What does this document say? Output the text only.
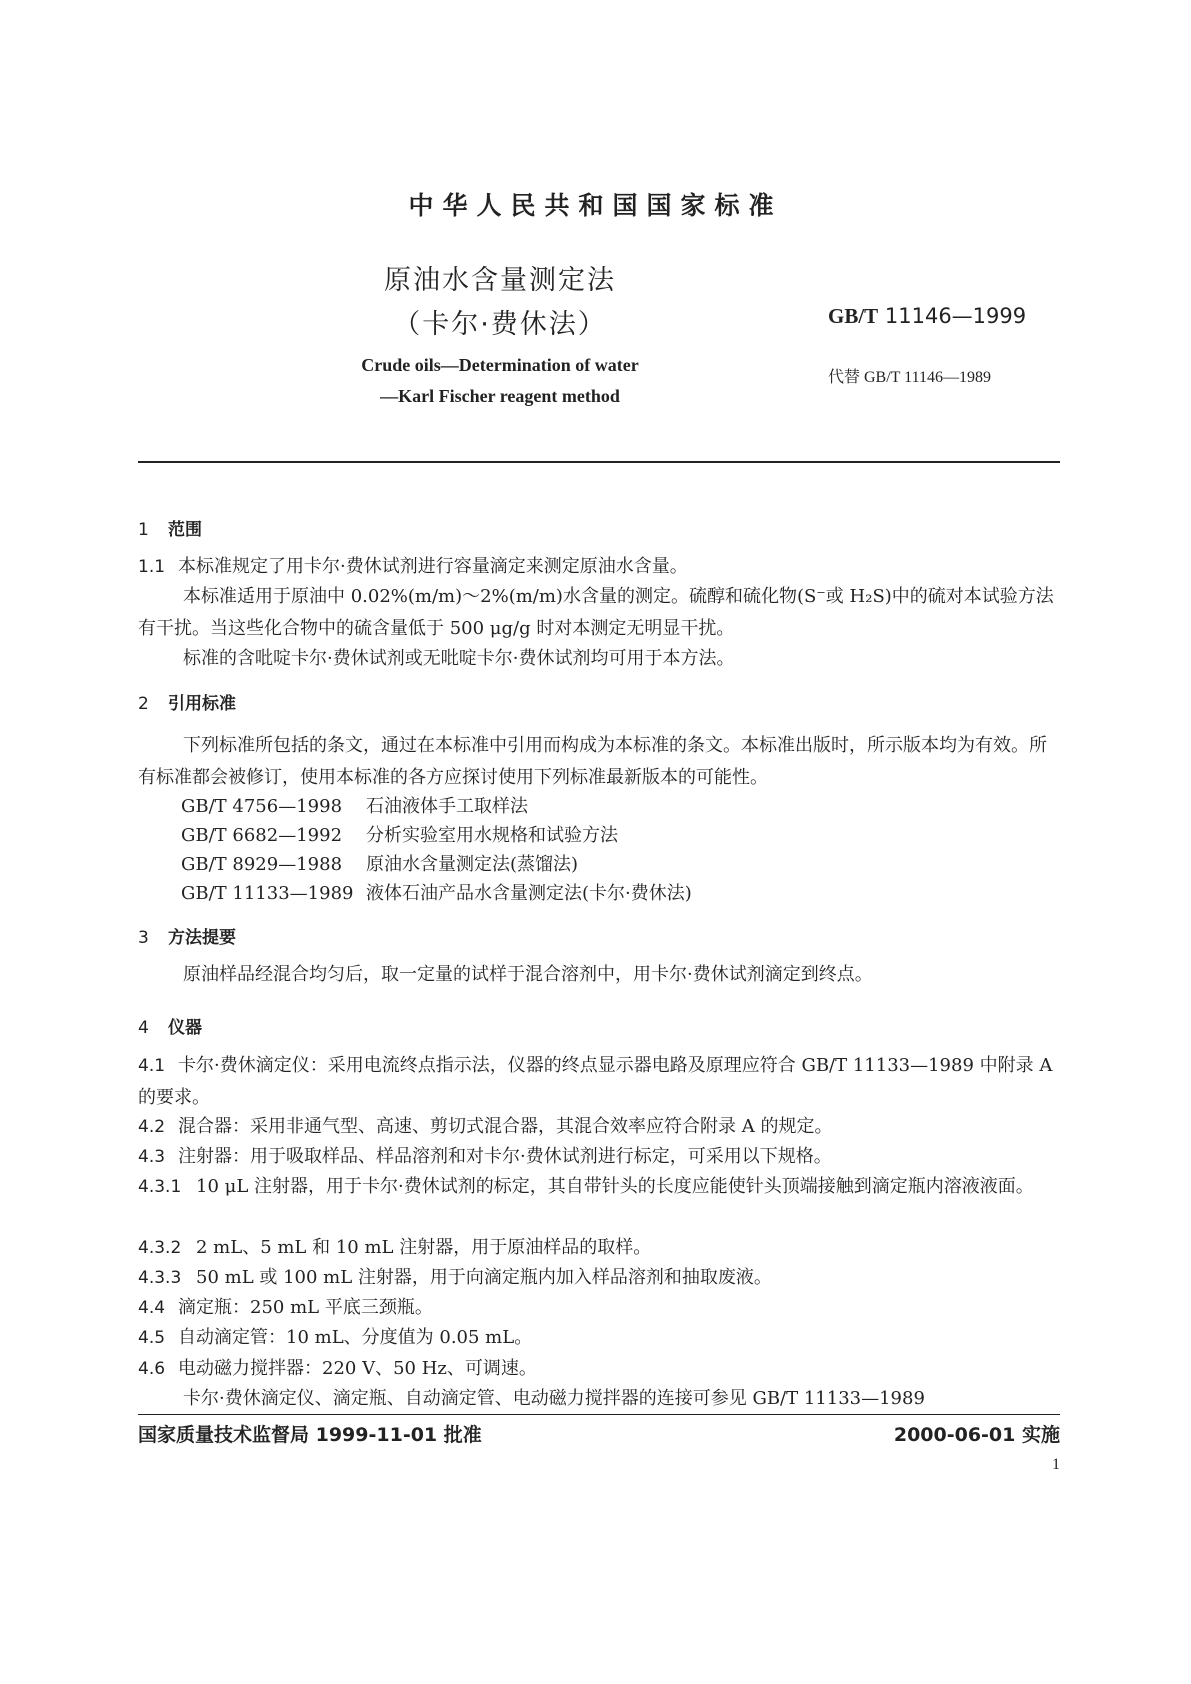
中华人民共和国国家标准
原油水含量测定法
（卡尔·费休法）	GB/T 11146—1999
代替 GB/T 11146—1989
Crude oils—Determination of water
—Karl Fischer reagent method
1 范围
1.1 本标准规定了用卡尔·费休试剂进行容量滴定来测定原油水含量。
本标准适用于原油中 0.02%(m/m)～2%(m/m)水含量的测定。硫醇和硫化物(S⁻或 H₂S)中的硫对本试验方法有干扰。当这些化合物中的硫含量低于 500 μg/g 时对本测定无明显干扰。
标准的含吡啶卡尔·费休试剂或无吡啶卡尔·费休试剂均可用于本方法。
2 引用标准
下列标准所包括的条文，通过在本标准中引用而构成为本标准的条文。本标准出版时，所示版本均为有效。所有标准都会被修订，使用本标准的各方应探讨使用下列标准最新版本的可能性。
GB/T 4756—1998 石油液体手工取样法
GB/T 6682—1992 分析实验室用水规格和试验方法
GB/T 8929—1988 原油水含量测定法(蒸馏法)
GB/T 11133—1989 液体石油产品水含量测定法(卡尔·费休法)
3 方法提要
原油样品经混合均匀后，取一定量的试样于混合溶剂中，用卡尔·费休试剂滴定到终点。
4 仪器
4.1 卡尔·费休滴定仪：采用电流终点指示法，仪器的终点显示器电路及原理应符合 GB/T 11133—1989 中附录 A 的要求。
4.2 混合器：采用非通气型、高速、剪切式混合器，其混合效率应符合附录 A 的规定。
4.3 注射器：用于吸取样品、样品溶剂和对卡尔·费休试剂进行标定，可采用以下规格。
4.3.1 10 μL 注射器，用于卡尔·费休试剂的标定，其自带针头的长度应能使针头顶端接触到滴定瓶内溶液液面。
4.3.2 2 mL、5 mL 和 10 mL 注射器，用于原油样品的取样。
4.3.3 50 mL 或 100 mL 注射器，用于向滴定瓶内加入样品溶剂和抽取废液。
4.4 滴定瓶：250 mL 平底三颈瓶。
4.5 自动滴定管：10 mL、分度值为 0.05 mL。
4.6 电动磁力搅拌器：220 V、50 Hz、可调速。
卡尔·费休滴定仪、滴定瓶、自动滴定管、电动磁力搅拌器的连接可参见 GB/T 11133—1989
国家质量技术监督局 1999-11-01 批准	2000-06-01 实施
1
